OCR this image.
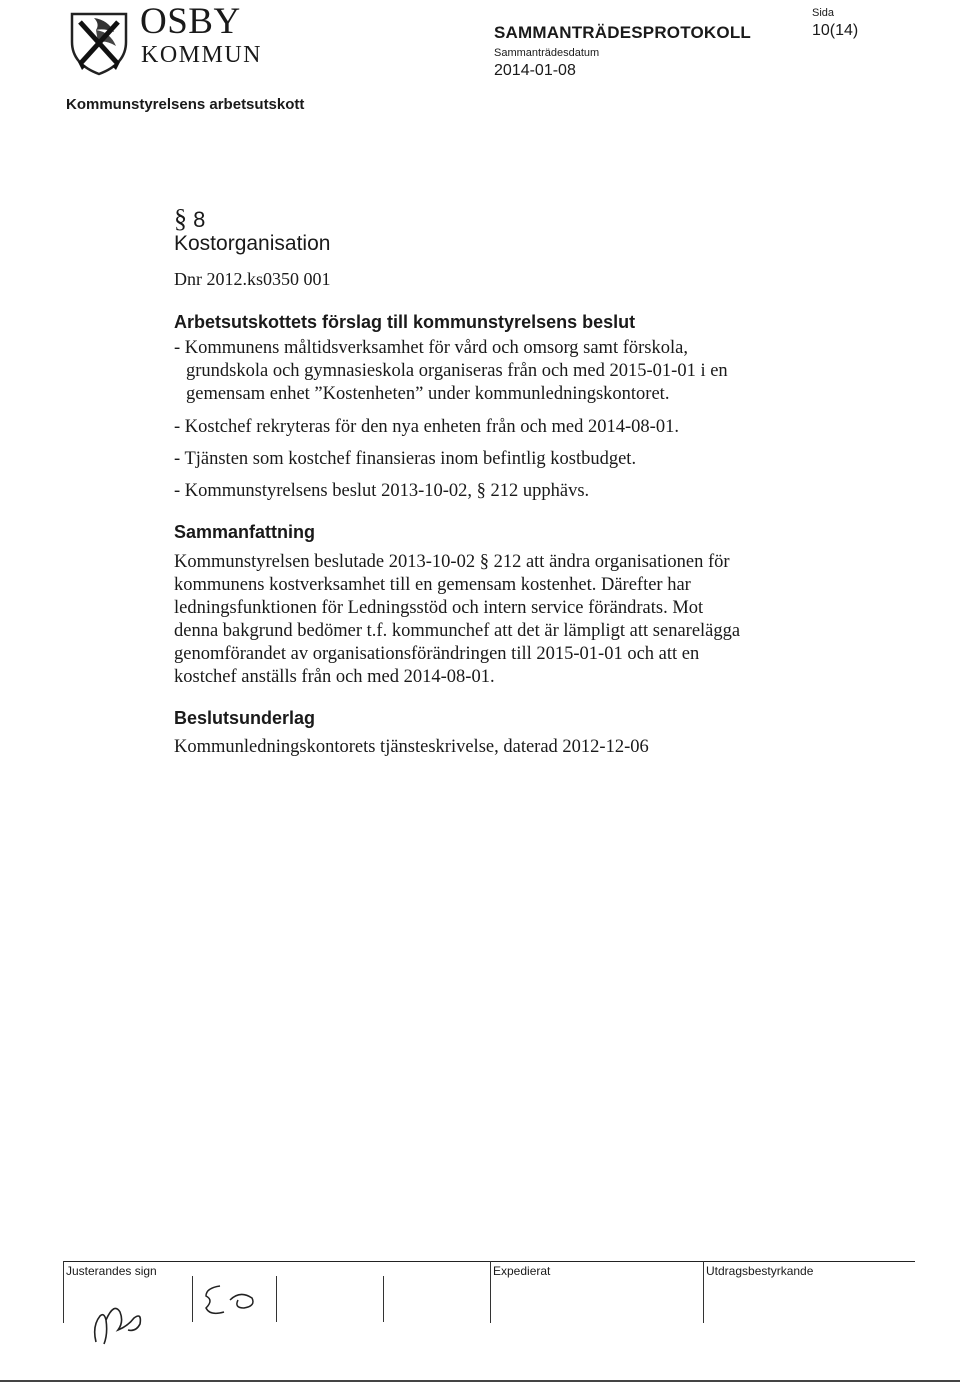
OSBY
KOMMUN
SAMMANTRÄDESPROTOKOLL
Sammanträdesdatum
2014-01-08
Sida
10(14)
Kommunstyrelsens arbetsutskott
§ 8
Kostorganisation
Dnr 2012.ks0350 001
Arbetsutskottets förslag till kommunstyrelsens beslut
- Kommunens måltidsverksamhet för vård och omsorg samt förskola,
grundskola och gymnasieskola organiseras från och med 2015-01-01 i en
gemensam enhet ”Kostenheten” under kommunledningskontoret.
- Kostchef rekryteras för den nya enheten från och med 2014-08-01.
- Tjänsten som kostchef finansieras inom befintlig kostbudget.
- Kommunstyrelsens beslut 2013-10-02, § 212 upphävs.
Sammanfattning
Kommunstyrelsen beslutade 2013-10-02 § 212 att ändra organisationen för
kommunens kostverksamhet till en gemensam kostenhet. Därefter har
ledningsfunktionen för Ledningsstöd och intern service förändrats. Mot
denna bakgrund bedömer t.f. kommunchef att det är lämpligt att senarelägga
genomförandet av organisationsförändringen till 2015-01-01 och att en
kostchef anställs från och med 2014-08-01.
Beslutsunderlag
Kommunledningskontorets tjänsteskrivelse, daterad 2012-12-06
Justerandes sign	Expedierat	Utdragsbestyrkande
